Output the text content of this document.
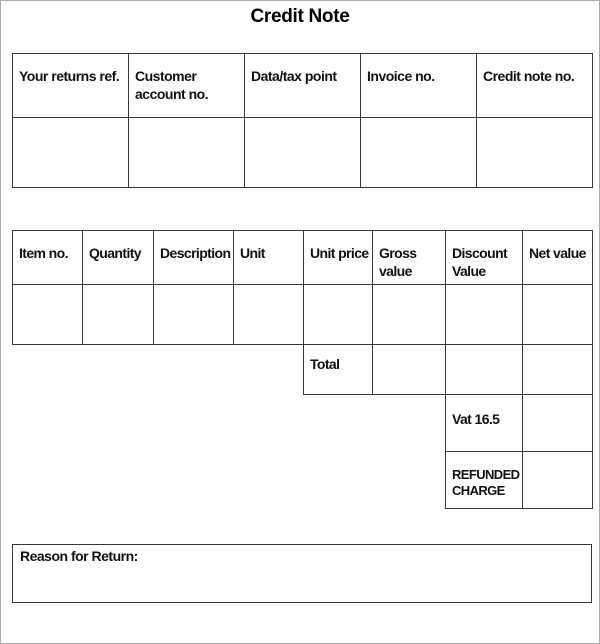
Credit Note
Your returns ref.	Customer account no.	Data/tax point	Invoice no.	Credit note no.

Item no.	Quantity	Description	Unit	Unit price	Gross value	Discount Value	Net value

				Total			
						Vat 16.5	
						REFUNDED CHARGE	
Reason for Return:
